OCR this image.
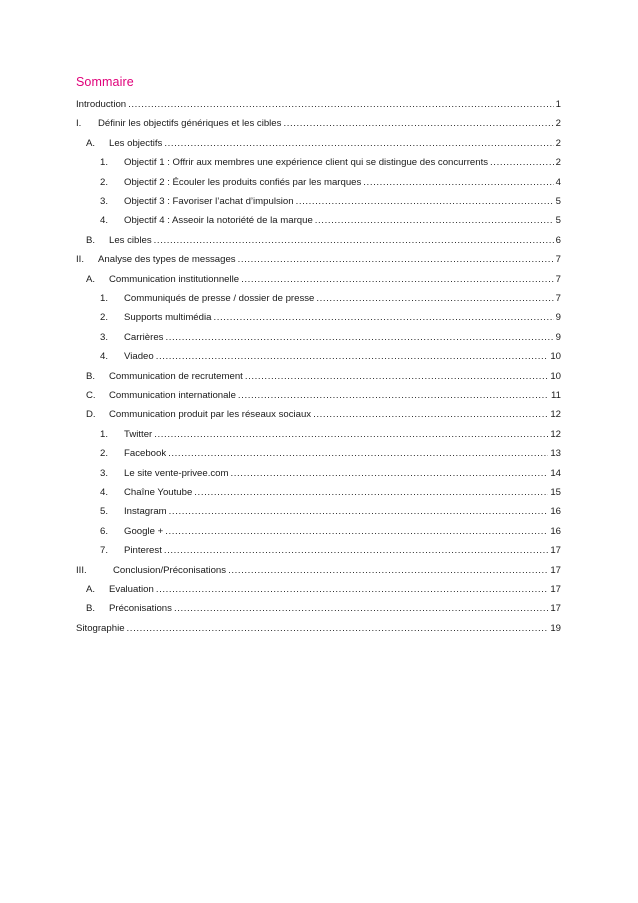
Sommaire
Introduction .....	1
I.	Définir les objectifs génériques et les cibles .....	2
A.	Les objectifs .....	2
1.	Objectif 1 : Offrir aux membres une expérience client qui se distingue des concurrents .....	2
2.	Objectif 2 : Écouler les produits confiés par les marques .....	4
3.	Objectif 3 : Favoriser l’achat d’impulsion .....	5
4.	Objectif 4 : Asseoir la notoriété de la marque .....	5
B.	Les cibles .....	6
II.	Analyse des types de messages .....	7
A.	Communication institutionnelle .....	7
1.	Communiqués de presse / dossier de presse .....	7
2.	Supports multimédia .....	9
3.	Carrières .....	9
4.	Viadeo .....	10
B.	Communication de recrutement .....	10
C.	Communication internationale .....	11
D.	Communication produit par les réseaux sociaux .....	12
1.	Twitter .....	12
2.	Facebook .....	13
3.	Le site vente-privee.com .....	14
4.	Chaîne Youtube .....	15
5.	Instagram .....	16
6.	Google + .....	16
7.	Pinterest .....	17
III.	Conclusion/Préconisations .....	17
A.	Evaluation .....	17
B.	Préconisations .....	17
Sitographie .....	19
